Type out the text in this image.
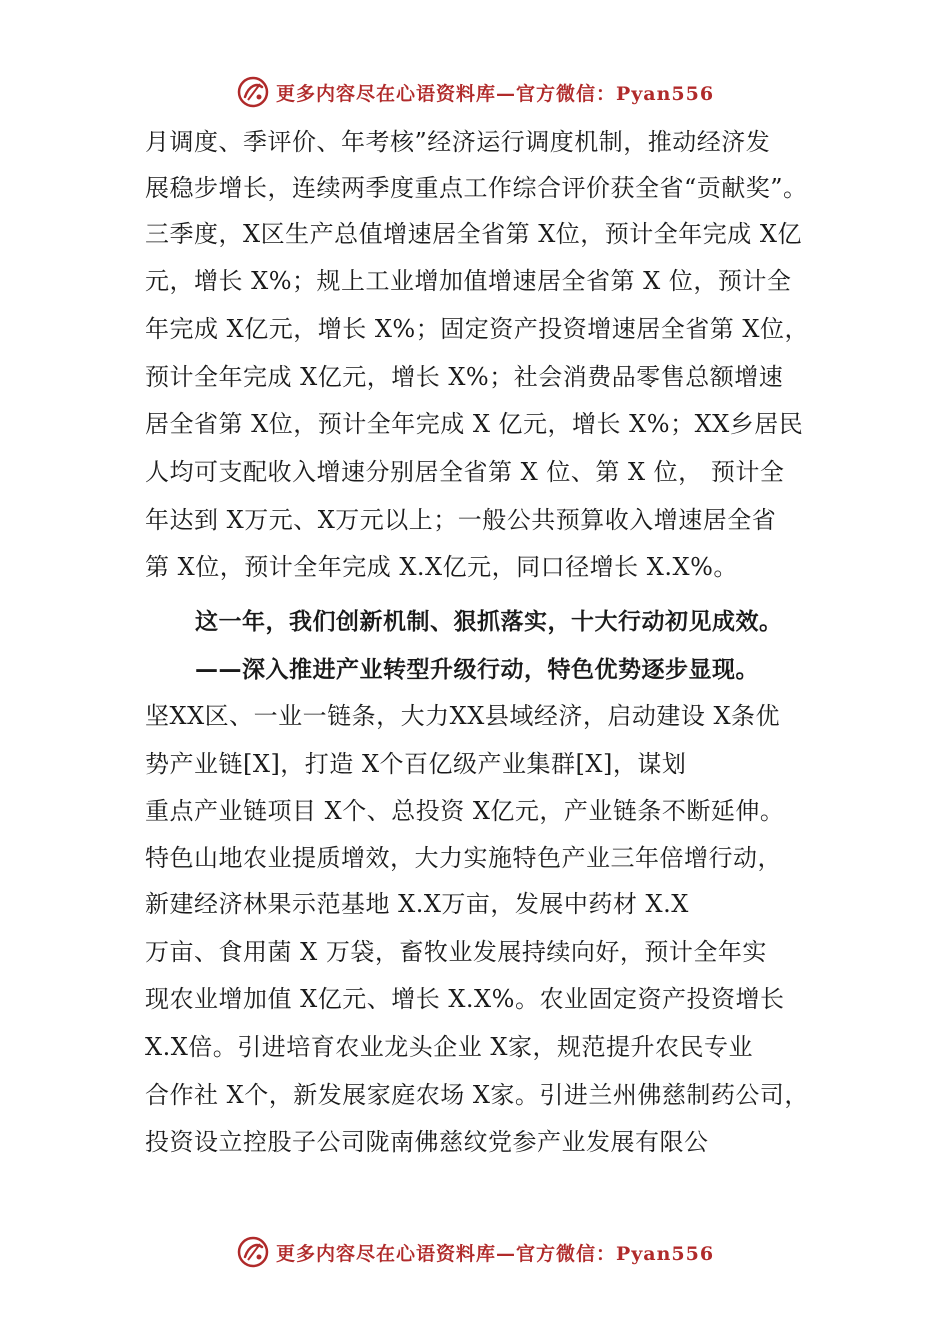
更多内容尽在心语资料库—官方微信：Pyan556
月调度、季评价、年考核”经济运行调度机制，推动经济发
展稳步增长，连续两季度重点工作综合评价获全省“贡献奖”。
三季度，X区生产总值增速居全省第 X位，预计全年完成 X亿
元，增长 X%；规上工业增加值增速居全省第 X 位，预计全
年完成 X亿元，增长 X%；固定资产投资增速居全省第 X位，
预计全年完成 X亿元，增长 X%；社会消费品零售总额增速
居全省第 X位，预计全年完成 X 亿元，增长 X%；XX乡居民
人均可支配收入增速分别居全省第 X 位、第 X 位， 预计全
年达到 X万元、X万元以上；一般公共预算收入增速居全省
第 X位，预计全年完成 X.X亿元，同口径增长 X.X%。
这一年，我们创新机制、狠抓落实，十大行动初见成效。
——深入推进产业转型升级行动，特色优势逐步显现。
坚XX区、一业一链条，大力XX县域经济，启动建设 X条优
势产业链[X]，打造 X个百亿级产业集群[X]，谋划
重点产业链项目 X个、总投资 X亿元，产业链条不断延伸。
特色山地农业提质增效，大力实施特色产业三年倍增行动，
新建经济林果示范基地 X.X万亩，发展中药材 X.X
万亩、食用菌 X 万袋，畜牧业发展持续向好，预计全年实
现农业增加值 X亿元、增长 X.X%。农业固定资产投资增长
X.X倍。引进培育农业龙头企业 X家，规范提升农民专业
合作社 X个，新发展家庭农场 X家。引进兰州佛慈制药公司，
投资设立控股子公司陇南佛慈纹党参产业发展有限公
更多内容尽在心语资料库—官方微信：Pyan556
